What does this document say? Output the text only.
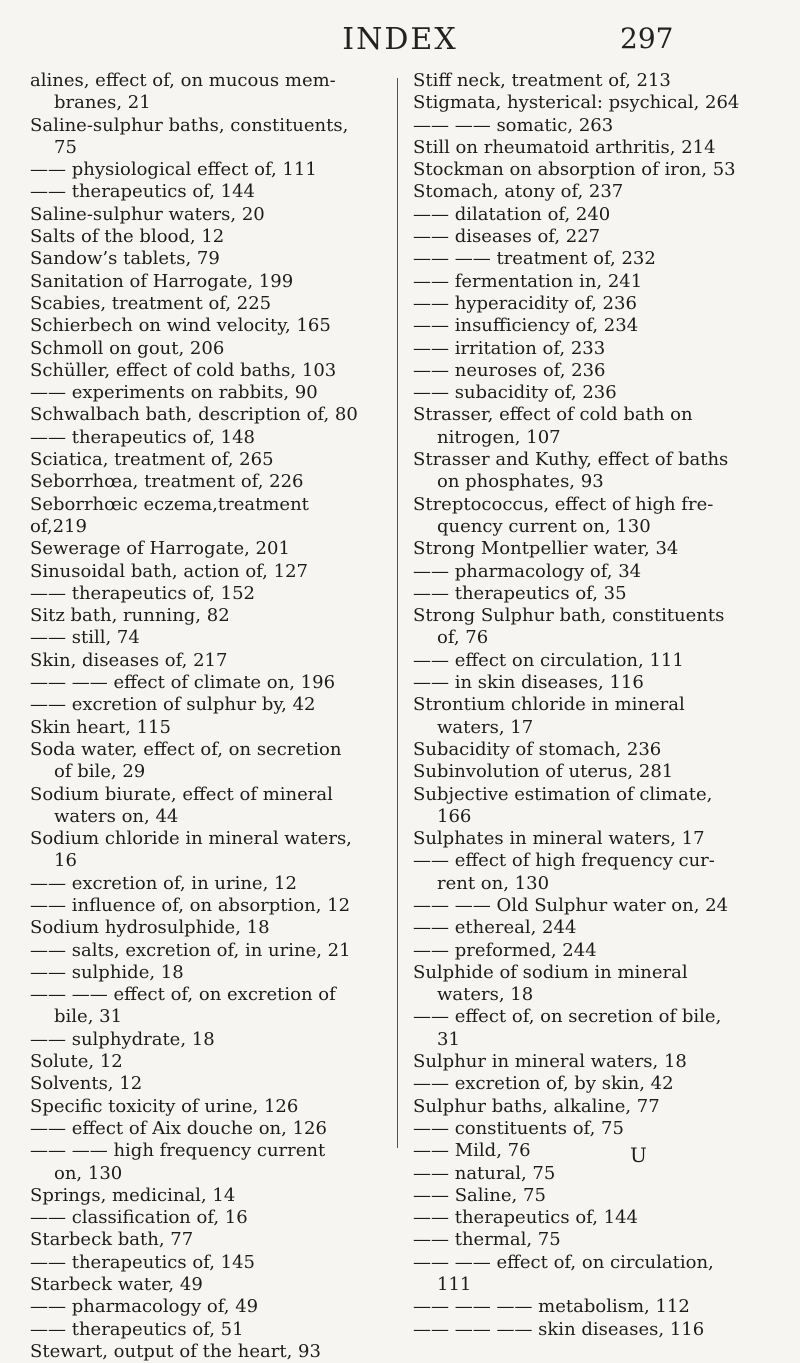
INDEX	297
alines, effect of, on mucous mem-
branes, 21
Saline-sulphur baths, constituents,
75
—— physiological effect of, 111
—— therapeutics of, 144
Saline-sulphur waters, 20
Salts of the blood, 12
Sandow’s tablets, 79
Sanitation of Harrogate, 199
Scabies, treatment of, 225
Schierbech on wind velocity, 165
Schmoll on gout, 206
Schüller, effect of cold baths, 103
—— experiments on rabbits, 90
Schwalbach bath, description of, 80
—— therapeutics of, 148
Sciatica, treatment of, 265
Seborrhœa, treatment of, 226
Seborrhœic eczema,treatment of,219
Sewerage of Harrogate, 201
Sinusoidal bath, action of, 127
—— therapeutics of, 152
Sitz bath, running, 82
—— still, 74
Skin, diseases of, 217
—— —— effect of climate on, 196
—— excretion of sulphur by, 42
Skin heart, 115
Soda water, effect of, on secretion
of bile, 29
Sodium biurate, effect of mineral
waters on, 44
Sodium chloride in mineral waters,
16
—— excretion of, in urine, 12
—— influence of, on absorption, 12
Sodium hydrosulphide, 18
—— salts, excretion of, in urine, 21
—— sulphide, 18
—— —— effect of, on excretion of
bile, 31
—— sulphydrate, 18
Solute, 12
Solvents, 12
Specific toxicity of urine, 126
—— effect of Aix douche on, 126
—— —— high frequency current
on, 130
Springs, medicinal, 14
—— classification of, 16
Starbeck bath, 77
—— therapeutics of, 145
Starbeck water, 49
—— pharmacology of, 49
—— therapeutics of, 51
Stewart, output of the heart, 93
Stiff neck, treatment of, 213
Stigmata, hysterical: psychical, 264
—— —— somatic, 263
Still on rheumatoid arthritis, 214
Stockman on absorption of iron, 53
Stomach, atony of, 237
—— dilatation of, 240
—— diseases of, 227
—— —— treatment of, 232
—— fermentation in, 241
—— hyperacidity of, 236
—— insufficiency of, 234
—— irritation of, 233
—— neuroses of, 236
—— subacidity of, 236
Strasser, effect of cold bath on
nitrogen, 107
Strasser and Kuthy, effect of baths
on phosphates, 93
Streptococcus, effect of high fre-
quency current on, 130
Strong Montpellier water, 34
—— pharmacology of, 34
—— therapeutics of, 35
Strong Sulphur bath, constituents
of, 76
—— effect on circulation, 111
—— in skin diseases, 116
Strontium chloride in mineral
waters, 17
Subacidity of stomach, 236
Subinvolution of uterus, 281
Subjective estimation of climate,
166
Sulphates in mineral waters, 17
—— effect of high frequency cur-
rent on, 130
—— —— Old Sulphur water on, 24
—— ethereal, 244
—— preformed, 244
Sulphide of sodium in mineral
waters, 18
—— effect of, on secretion of bile,
31
Sulphur in mineral waters, 18
—— excretion of, by skin, 42
Sulphur baths, alkaline, 77
—— constituents of, 75
—— Mild, 76
—— natural, 75
—— Saline, 75
—— therapeutics of, 144
—— thermal, 75
—— —— effect of, on circulation,
111
—— —— —— metabolism, 112
—— —— —— skin diseases, 116
U
